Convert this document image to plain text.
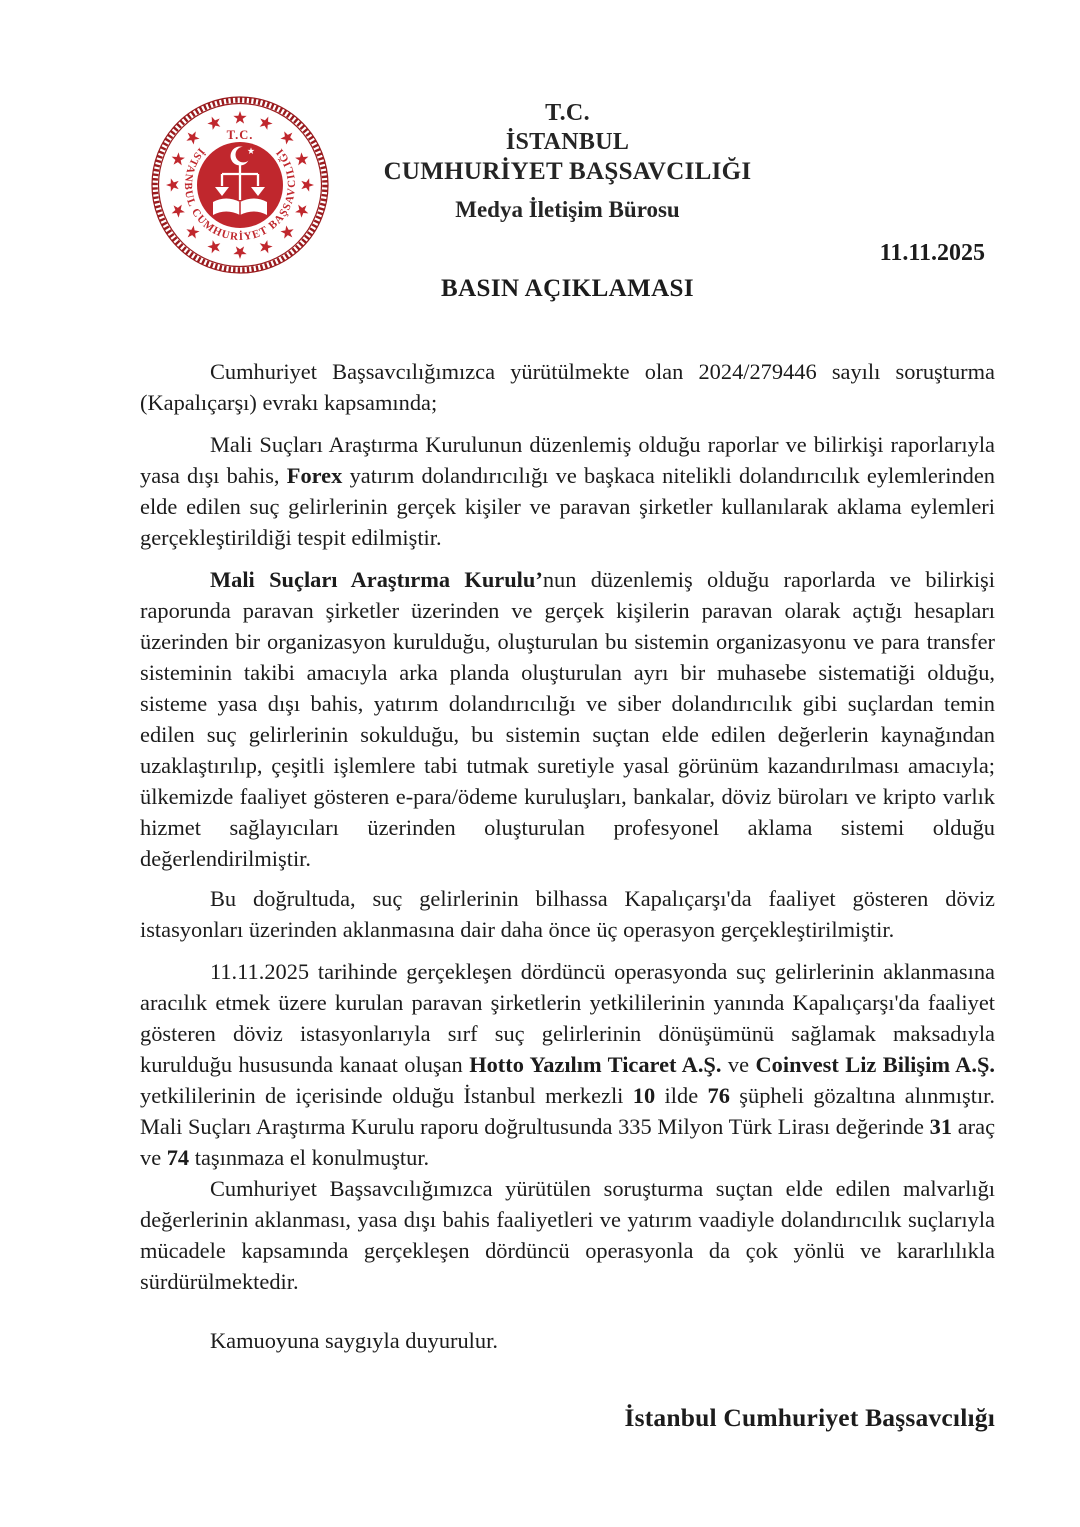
T.C.
İSTANBUL CUMHURİYET BAŞSAVCILIĞI
T.C.
İSTANBUL
CUMHURİYET BAŞSAVCILIĞI
Medya İletişim Bürosu
11.11.2025
BASIN AÇIKLAMASI

Cumhuriyet Başsavcılığımızca yürütülmekte olan 2024/279446 sayılı soruşturma (Kapalıçarşı) evrakı kapsamında;

Mali Suçları Araştırma Kurulunun düzenlemiş olduğu raporlar ve bilirkişi raporlarıyla yasa dışı bahis, Forex yatırım dolandırıcılığı ve başkaca nitelikli dolandırıcılık eylemlerinden elde edilen suç gelirlerinin gerçek kişiler ve paravan şirketler kullanılarak aklama eylemleri gerçekleştirildiği tespit edilmiştir.

Mali Suçları Araştırma Kurulu’nun düzenlemiş olduğu raporlarda ve bilirkişi raporunda paravan şirketler üzerinden ve gerçek kişilerin paravan olarak açtığı hesapları üzerinden bir organizasyon kurulduğu, oluşturulan bu sistemin organizasyonu ve para transfer sisteminin takibi amacıyla arka planda oluşturulan ayrı bir muhasebe sistematiği olduğu, sisteme yasa dışı bahis, yatırım dolandırıcılığı ve siber dolandırıcılık gibi suçlardan temin edilen suç gelirlerinin sokulduğu, bu sistemin suçtan elde edilen değerlerin kaynağından uzaklaştırılıp, çeşitli işlemlere tabi tutmak suretiyle yasal görünüm kazandırılması amacıyla; ülkemizde faaliyet gösteren e-para/ödeme kuruluşları, bankalar, döviz büroları ve kripto varlık hizmet sağlayıcıları üzerinden oluşturulan profesyonel aklama sistemi olduğu değerlendirilmiştir.

Bu doğrultuda, suç gelirlerinin bilhassa Kapalıçarşı'da faaliyet gösteren döviz istasyonları üzerinden aklanmasına dair daha önce üç operasyon gerçekleştirilmiştir.

11.11.2025 tarihinde gerçekleşen dördüncü operasyonda suç gelirlerinin aklanmasına aracılık etmek üzere kurulan paravan şirketlerin yetkililerinin yanında Kapalıçarşı'da faaliyet gösteren döviz istasyonlarıyla sırf suç gelirlerinin dönüşümünü sağlamak maksadıyla kurulduğu hususunda kanaat oluşan Hotto Yazılım Ticaret A.Ş. ve Coinvest Liz Bilişim A.Ş. yetkililerinin de içerisinde olduğu İstanbul merkezli 10 ilde 76 şüpheli gözaltına alınmıştır. Mali Suçları Araştırma Kurulu raporu doğrultusunda 335 Milyon Türk Lirası değerinde 31 araç ve 74 taşınmaza el konulmuştur.

Cumhuriyet Başsavcılığımızca yürütülen soruşturma suçtan elde edilen malvarlığı değerlerinin aklanması, yasa dışı bahis faaliyetleri ve yatırım vaadiyle dolandırıcılık suçlarıyla mücadele kapsamında gerçekleşen dördüncü operasyonla da çok yönlü ve kararlılıkla sürdürülmektedir.

Kamuoyuna saygıyla duyurulur.

İstanbul Cumhuriyet Başsavcılığı
